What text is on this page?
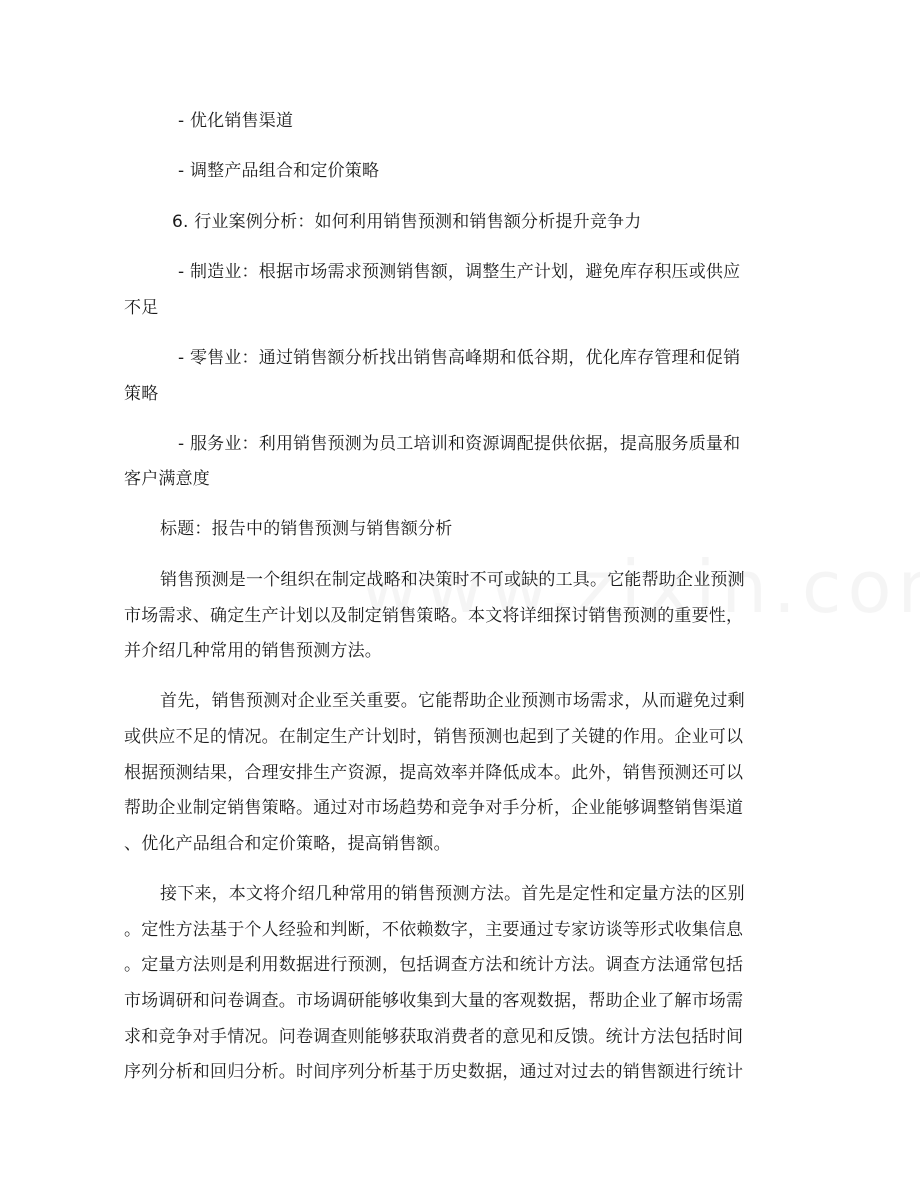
- 优化销售渠道
- 调整产品组合和定价策略
6. 行业案例分析：如何利用销售预测和销售额分析提升竞争力
- 制造业：根据市场需求预测销售额，调整生产计划，避免库存积压或供应
不足
- 零售业：通过销售额分析找出销售高峰期和低谷期，优化库存管理和促销
策略
- 服务业：利用销售预测为员工培训和资源调配提供依据，提高服务质量和
客户满意度
标题：报告中的销售预测与销售额分析
销售预测是一个组织在制定战略和决策时不可或缺的工具。它能帮助企业预测
市场需求、确定生产计划以及制定销售策略。本文将详细探讨销售预测的重要性，
并介绍几种常用的销售预测方法。
首先，销售预测对企业至关重要。它能帮助企业预测市场需求，从而避免过剩
或供应不足的情况。在制定生产计划时，销售预测也起到了关键的作用。企业可以
根据预测结果，合理安排生产资源，提高效率并降低成本。此外，销售预测还可以
帮助企业制定销售策略。通过对市场趋势和竞争对手分析，企业能够调整销售渠道
、优化产品组合和定价策略，提高销售额。
接下来，本文将介绍几种常用的销售预测方法。首先是定性和定量方法的区别
。定性方法基于个人经验和判断，不依赖数字，主要通过专家访谈等形式收集信息
。定量方法则是利用数据进行预测，包括调查方法和统计方法。调查方法通常包括
市场调研和问卷调查。市场调研能够收集到大量的客观数据，帮助企业了解市场需
求和竞争对手情况。问卷调查则能够获取消费者的意见和反馈。统计方法包括时间
序列分析和回归分析。时间序列分析基于历史数据，通过对过去的销售额进行统计
